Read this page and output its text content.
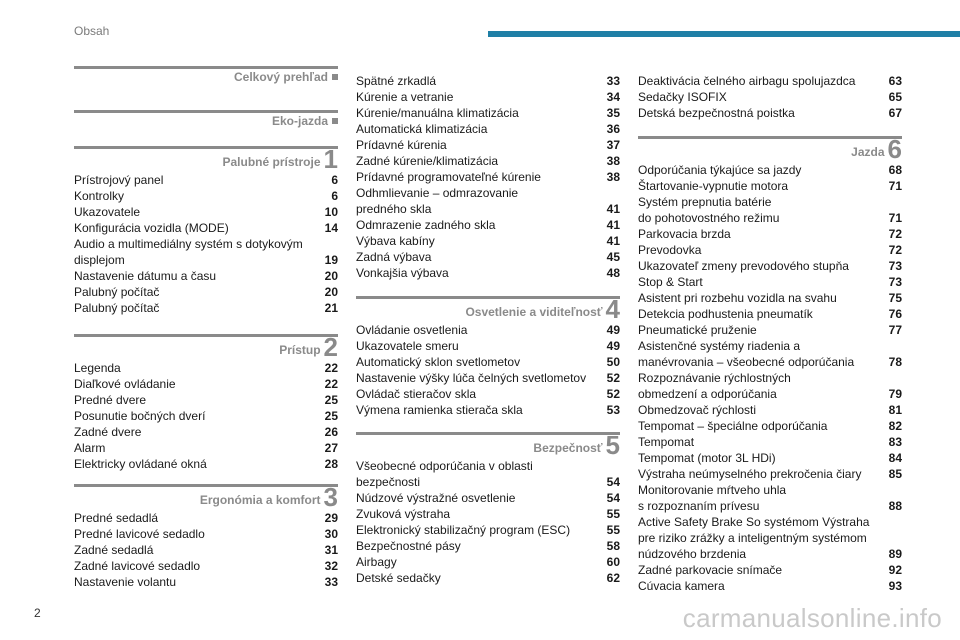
Obsah
Celkový prehľad
Eko-jazda
Palubné prístroje 1
Prístrojový panel	6
Kontrolky	6
Ukazovatele	10
Konfigurácia vozidla (MODE)	14
Audio a multimediálny systém s dotykovým
displejom	19
Nastavenie dátumu a času	20
Palubný počítač	20
Palubný počítač	21
Prístup 2
Legenda	22
Diaľkové ovládanie	22
Predné dvere	25
Posunutie bočných dverí	25
Zadné dvere	26
Alarm	27
Elektricky ovládané okná	28
Ergonómia a komfort 3
Predné sedadlá	29
Predné lavicové sedadlo	30
Zadné sedadlá	31
Zadné lavicové sedadlo	32
Nastavenie volantu	33
Spätné zrkadlá	33
Kúrenie a vetranie	34
Kúrenie/manuálna klimatizácia	35
Automatická klimatizácia	36
Prídavné kúrenia	37
Zadné kúrenie/klimatizácia	38
Prídavné programovateľné kúrenie	38
Odhmlievanie – odmrazovanie
predného skla	41
Odmrazenie zadného skla	41
Výbava kabíny	41
Zadná výbava	45
Vonkajšia výbava	48
Osvetlenie a viditeľnosť 4
Ovládanie osvetlenia	49
Ukazovatele smeru	49
Automatický sklon svetlometov	50
Nastavenie výšky lúča čelných svetlometov	52
Ovládač stieračov skla	52
Výmena ramienka stierača skla	53
Bezpečnosť 5
Všeobecné odporúčania v oblasti
bezpečnosti	54
Núdzové výstražné osvetlenie	54
Zvuková výstraha	55
Elektronický stabilizačný program (ESC)	55
Bezpečnostné pásy	58
Airbagy	60
Detské sedačky	62
Deaktivácia čelného airbagu spolujazdca	63
Sedačky ISOFIX	65
Detská bezpečnostná poistka	67
Jazda 6
Odporúčania týkajúce sa jazdy	68
Štartovanie-vypnutie motora	71
Systém prepnutia batérie
do pohotovostného režimu	71
Parkovacia brzda	72
Prevodovka	72
Ukazovateľ zmeny prevodového stupňa	73
Stop & Start	73
Asistent pri rozbehu vozidla na svahu	75
Detekcia podhustenia pneumatík	76
Pneumatické pruženie	77
Asistenčné systémy riadenia a
manévrovania – všeobecné odporúčania	78
Rozpoznávanie rýchlostných
obmedzení a odporúčania	79
Obmedzovač rýchlosti	81
Tempomat – špeciálne odporúčania	82
Tempomat	83
Tempomat (motor 3L HDi)	84
Výstraha neúmyselného prekročenia čiary	85
Monitorovanie mŕtveho uhla
s rozpoznaním prívesu	88
Active Safety Brake So systémom Výstraha
pre riziko zrážky a inteligentným systémom
núdzového brzdenia	89
Zadné parkovacie snímače	92
Cúvacia kamera	93
2	carmanualsonline.info
